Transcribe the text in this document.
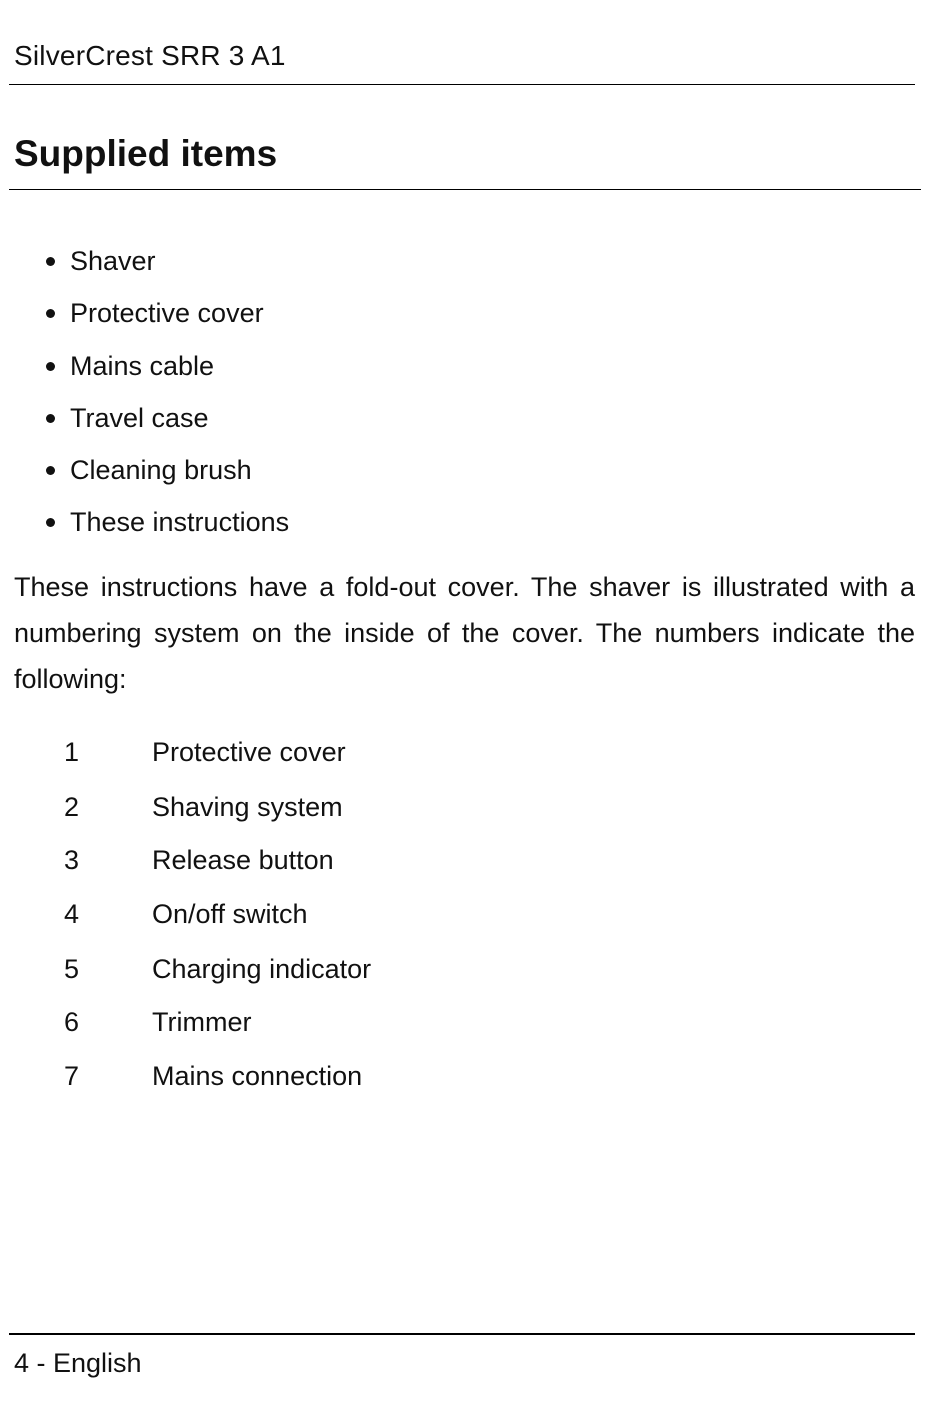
SilverCrest SRR 3 A1
Supplied items
Shaver
Protective cover
Mains cable
Travel case
Cleaning brush
These instructions

These instructions have a fold-out cover. The shaver is illustrated with a numbering system on the inside of the cover. The numbers indicate the following:

1	Protective cover
2	Shaving system
3	Release button
4	On/off switch
5	Charging indicator
6	Trimmer
7	Mains connection
4 - English
